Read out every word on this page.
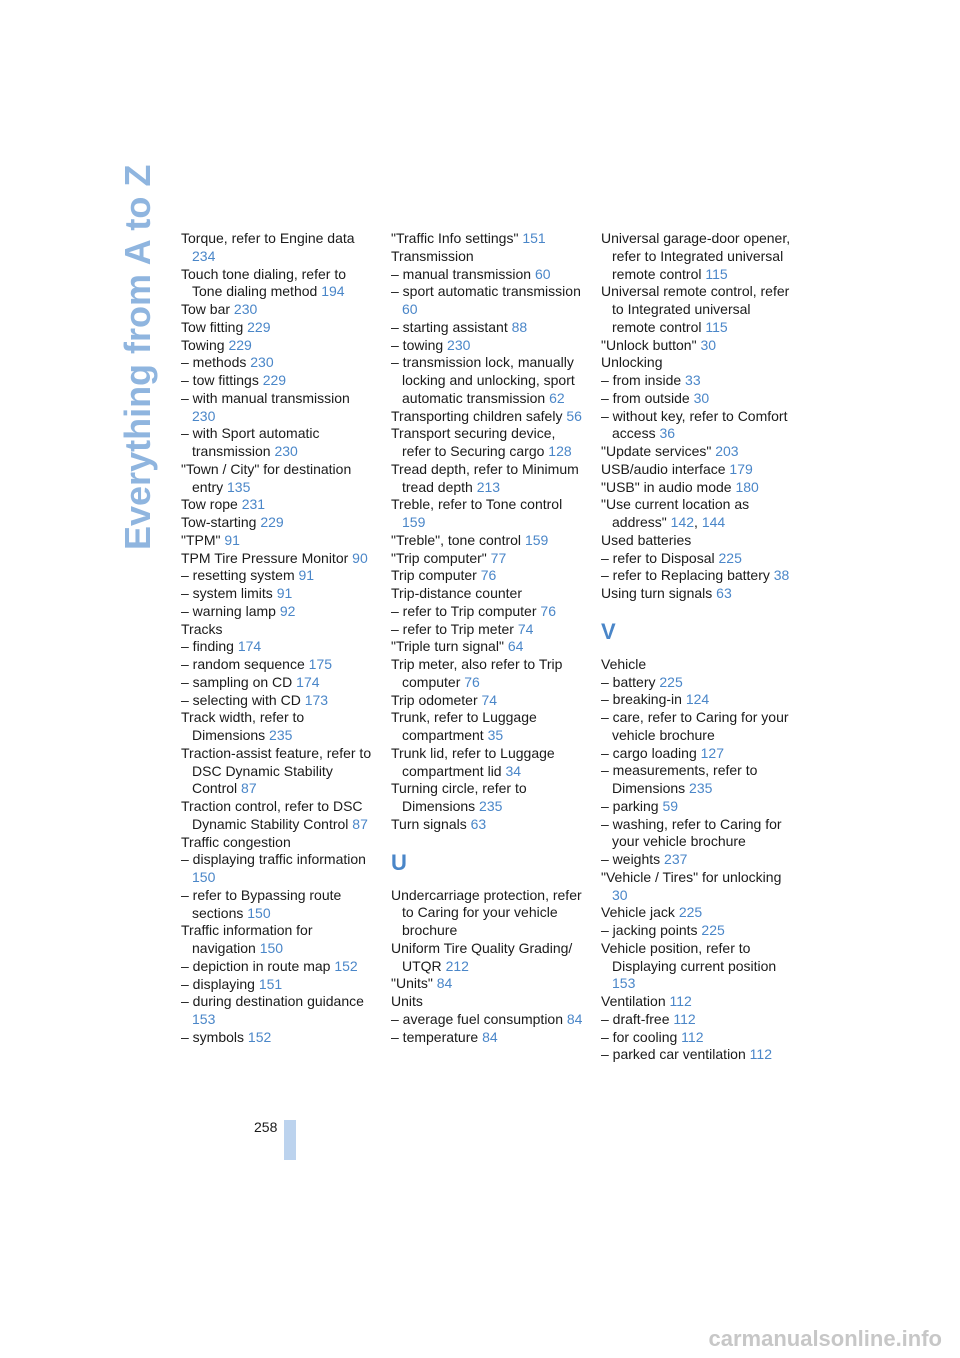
Everything from A to Z Torque, refer to Engine data 234

Touch tone dialing, refer to Tone dialing method 194

Tow bar 230

Tow fitting 229

Towing 229

– methods 230

– tow fittings 229

– with manual transmission 230

– with Sport automatic transmission 230

"Town / City" for destination entry 135

Tow rope 231

Tow-starting 229

"TPM" 91

TPM Tire Pressure Monitor 90

– resetting system 91

– system limits 91

– warning lamp 92

Tracks

– finding 174

– random sequence 175

– sampling on CD 174

– selecting with CD 173

Track width, refer to Dimensions 235

Traction-assist feature, refer to DSC Dynamic Stability Control 87

Traction control, refer to DSC Dynamic Stability Control 87

Traffic congestion

– displaying traffic information 150

– refer to Bypassing route sections 150

Traffic information for navigation 150

– depiction in route map 152

– displaying 151

– during destination guidance 153

– symbols 152

"Traffic Info settings" 151

Transmission

– manual transmission 60

– sport automatic transmission 60

– starting assistant 88

– towing 230

– transmission lock, manually locking and unlocking, sport automatic transmission 62

Transporting children safely 56

Transport securing device, refer to Securing cargo 128

Tread depth, refer to Minimum tread depth 213

Treble, refer to Tone control 159

"Treble", tone control 159

"Trip computer" 77

Trip computer 76

Trip-distance counter

– refer to Trip computer 76

– refer to Trip meter 74

"Triple turn signal" 64

Trip meter, also refer to Trip computer 76

Trip odometer 74

Trunk, refer to Luggage compartment 35

Trunk lid, refer to Luggage compartment lid 34

Turning circle, refer to Dimensions 235

Turn signals 63

U

Undercarriage protection, refer to Caring for your vehicle brochure

Uniform Tire Quality Grading/ UTQR 212

"Units" 84

Units

– average fuel consumption 84

– temperature 84

Universal garage-door opener, refer to Integrated universal remote control 115

Universal remote control, refer to Integrated universal remote control 115

"Unlock button" 30

Unlocking

– from inside 33

– from outside 30

– without key, refer to Comfort access 36

"Update services" 203

USB/audio interface 179

"USB" in audio mode 180

"Use current location as address" 142, 144

Used batteries

– refer to Disposal 225

– refer to Replacing battery 38

Using turn signals 63

V

Vehicle

– battery 225

– breaking-in 124

– care, refer to Caring for your vehicle brochure

– cargo loading 127

– measurements, refer to Dimensions 235

– parking 59

– washing, refer to Caring for your vehicle brochure

– weights 237

"Vehicle / Tires" for unlocking 30

Vehicle jack 225

– jacking points 225

Vehicle position, refer to Displaying current position 153

Ventilation 112

– draft-free 112

– for cooling 112

– parked car ventilation 112

258
carmanualsonline.info
